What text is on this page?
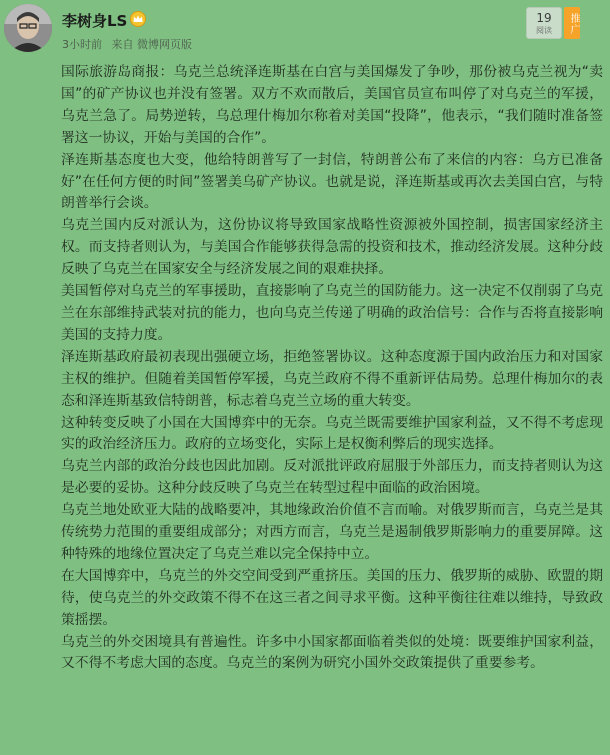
李树身LS
3小时前 来自 微博网页版
19
阅读	推广

国际旅游岛商报：乌克兰总统泽连斯基在白宫与美国爆发了争吵，那份被乌克兰视为“卖国”的矿产协议也并没有签署。双方不欢而散后，美国官员宣布叫停了对乌克兰的军援，乌克兰急了。局势逆转，乌总理什梅加尔称着对美国“投降”，他表示，“我们随时准备签署这一协议，开始与美国的合作”。

泽连斯基态度也大变，他给特朗普写了一封信，特朗普公布了来信的内容：乌方已准备好”在任何方便的时间”签署美乌矿产协议。也就是说，泽连斯基或再次去美国白宫，与特朗普举行会谈。

乌克兰国内反对派认为，这份协议将导致国家战略性资源被外国控制，损害国家经济主权。而支持者则认为，与美国合作能够获得急需的投资和技术，推动经济发展。这种分歧反映了乌克兰在国家安全与经济发展之间的艰难抉择。

美国暂停对乌克兰的军事援助，直接影响了乌克兰的国防能力。这一决定不仅削弱了乌克兰在东部维持武装对抗的能力，也向乌克兰传递了明确的政治信号：合作与否将直接影响美国的支持力度。

泽连斯基政府最初表现出强硬立场，拒绝签署协议。这种态度源于国内政治压力和对国家主权的维护。但随着美国暂停军援，乌克兰政府不得不重新评估局势。总理什梅加尔的表态和泽连斯基致信特朗普，标志着乌克兰立场的重大转变。

这种转变反映了小国在大国博弈中的无奈。乌克兰既需要维护国家利益，又不得不考虑现实的政治经济压力。政府的立场变化，实际上是权衡利弊后的现实选择。

乌克兰内部的政治分歧也因此加剧。反对派批评政府屈服于外部压力，而支持者则认为这是必要的妥协。这种分歧反映了乌克兰在转型过程中面临的政治困境。

乌克兰地处欧亚大陆的战略要冲，其地缘政治价值不言而喻。对俄罗斯而言，乌克兰是其传统势力范围的重要组成部分；对西方而言，乌克兰是遏制俄罗斯影响力的重要屏障。这种特殊的地缘位置决定了乌克兰难以完全保持中立。

在大国博弈中，乌克兰的外交空间受到严重挤压。美国的压力、俄罗斯的威胁、欧盟的期待，使乌克兰的外交政策不得不在这三者之间寻求平衡。这种平衡往往难以维持，导致政策摇摆。

乌克兰的外交困境具有普遍性。许多中小国家都面临着类似的处境：既要维护国家利益，又不得不考虑大国的态度。乌克兰的案例为研究小国外交政策提供了重要参考。
